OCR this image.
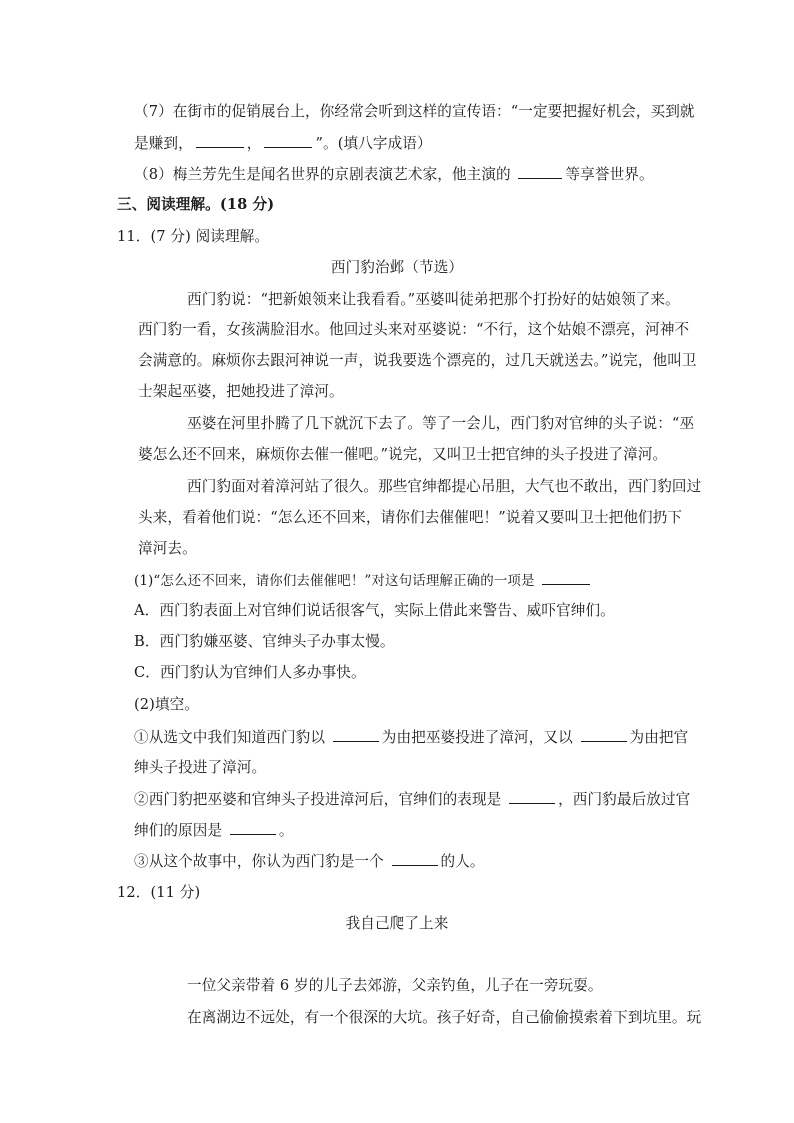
（7）在街市的促销展台上，你经常会听到这样的宣传语：“一定要把握好机会，买到就
是赚到，	，	”。(填八字成语）
（8）梅兰芳先生是闻名世界的京剧表演艺术家，他主演的	等享誉世界。
三、阅读理解。(18 分)
11．(7 分) 阅读理解。
西门豹治邺（节选）
西门豹说：“把新娘领来让我看看。”巫婆叫徒弟把那个打扮好的姑娘领了来。
西门豹一看，女孩满脸泪水。他回过头来对巫婆说：“不行，这个姑娘不漂亮，河神不
会满意的。麻烦你去跟河神说一声，说我要选个漂亮的，过几天就送去。”说完，他叫卫
士架起巫婆，把她投进了漳河。
巫婆在河里扑腾了几下就沉下去了。等了一会儿，西门豹对官绅的头子说：“巫
婆怎么还不回来，麻烦你去催一催吧。”说完，又叫卫士把官绅的头子投进了漳河。
西门豹面对着漳河站了很久。那些官绅都提心吊胆，大气也不敢出，西门豹回过
头来，看着他们说：“怎么还不回来，请你们去催催吧！”说着又要叫卫士把他们扔下
漳河去。
(1)“怎么还不回来，请你们去催催吧！”对这句话理解正确的一项是
A．西门豹表面上对官绅们说话很客气，实际上借此来警告、威吓官绅们。
B．西门豹嫌巫婆、官绅头子办事太慢。
C．西门豹认为官绅们人多办事快。
(2)填空。
①从选文中我们知道西门豹以	为由把巫婆投进了漳河，又以	为由把官
绅头子投进了漳河。
②西门豹把巫婆和官绅头子投进漳河后，官绅们的表现是	，西门豹最后放过官
绅们的原因是	。
③从这个故事中，你认为西门豹是一个	的人。
12．(11 分)
我自己爬了上来
一位父亲带着 6 岁的儿子去郊游，父亲钓鱼，儿子在一旁玩耍。
在离湖边不远处，有一个很深的大坑。孩子好奇，自己偷偷摸索着下到坑里。玩
